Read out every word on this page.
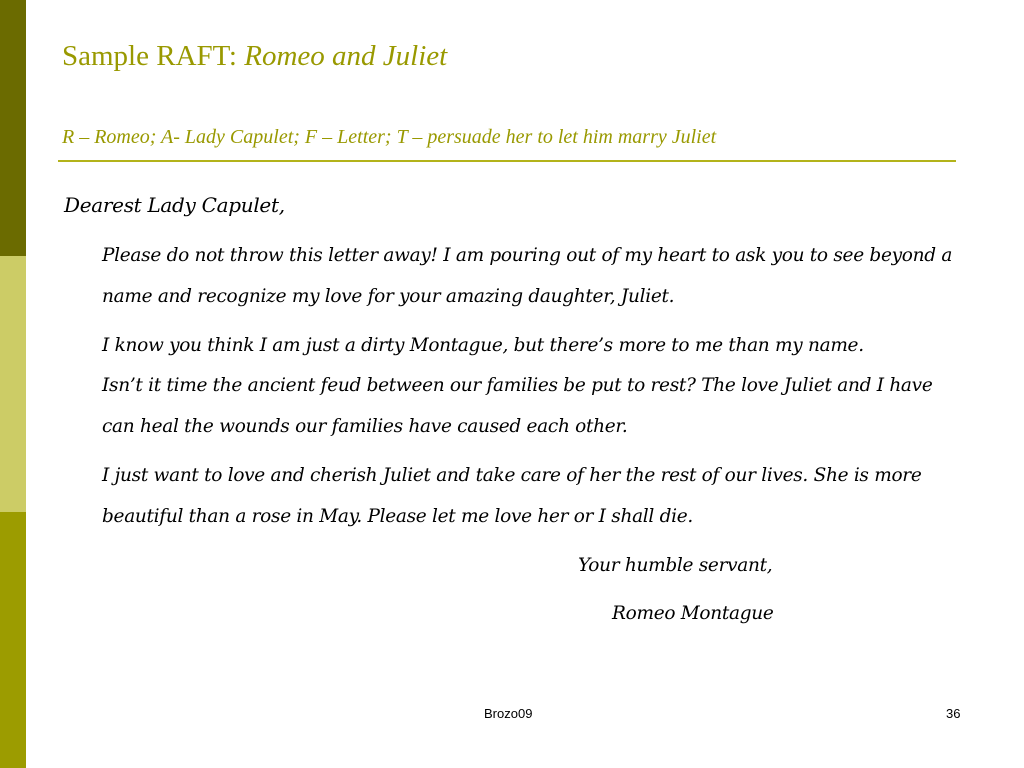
Sample RAFT: Romeo and Juliet
R – Romeo; A- Lady Capulet; F – Letter; T – persuade her to let him marry Juliet
Dearest Lady Capulet,
Please do not throw this letter away! I am pouring out of my heart to ask you to see beyond a
name and recognize my love for your amazing daughter, Juliet.
I know you think I am just a dirty Montague, but there’s more to me than my name.
Isn’t it time the ancient feud between our families be put to rest? The love Juliet and I have
can heal the wounds our families have caused each other.
I just want to love and cherish Juliet and take care of her the rest of our lives. She is more
beautiful than a rose in May. Please let me love her or I shall die.
Your humble servant,
Romeo Montague
Brozo09	36
